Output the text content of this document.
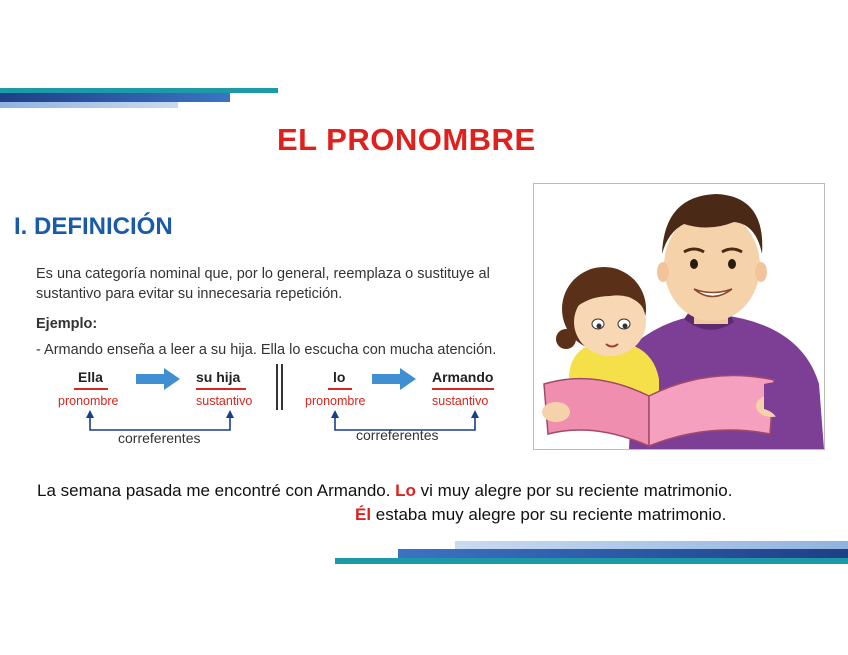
EL PRONOMBRE
I. DEFINICIÓN
Es una categoría nominal que, por lo general, reemplaza o sustituye al sustantivo para evitar su innecesaria repetición.
Ejemplo:
- Armando enseña a leer a su hija. Ella lo escucha con mucha atención.
Ella	su hija
pronombre	sustantivo
correferentes
lo	Armando
pronombre	sustantivo
correferentes
La semana pasada me encontré con Armando. Lo vi muy alegre por su reciente matrimonio.
Él estaba muy alegre por su reciente matrimonio.
